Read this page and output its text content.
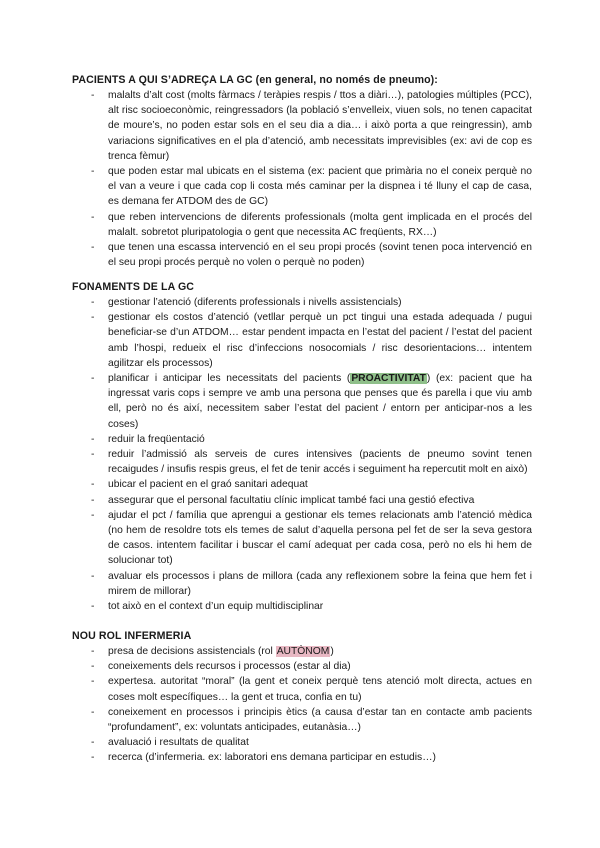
PACIENTS A QUI S’ADREÇA LA GC (en general, no només de pneumo):

- malalts d’alt cost (molts fàrmacs / teràpies respis / ttos a diàri…), patologies múltiples (PCC), alt risc socioeconòmic, reingressadors (la població s’envelleix, viuen sols, no tenen capacitat de moure’s, no poden estar sols en el seu dia a dia… i això porta a que reingressin), amb variacions significatives en el pla d’atenció, amb necessitats imprevisibles (ex: avi de cop es trenca fèmur)
- que poden estar mal ubicats en el sistema (ex: pacient que primària no el coneix perquè no el van a veure i que cada cop li costa més caminar per la dispnea i té lluny el cap de casa, es demana fer ATDOM des de GC)
- que reben intervencions de diferents professionals (molta gent implicada en el procés del malalt. sobretot pluripatologia o gent que necessita AC freqüents, RX…)
- que tenen una escassa intervenció en el seu propi procés (sovint tenen poca intervenció en el seu propi procés perquè no volen o perquè no poden)

FONAMENTS DE LA GC

- gestionar l’atenció (diferents professionals i nivells assistencials)
- gestionar els costos d’atenció (vetllar perquè un pct tingui una estada adequada / pugui beneficiar-se d’un ATDOM… estar pendent impacta en l’estat del pacient / l’estat del pacient amb l’hospi, redueix el risc d’infeccions nosocomials / risc desorientacions… intentem agilitzar els processos)
- planificar i anticipar les necessitats del pacients (PROACTIVITAT) (ex: pacient que ha ingressat varis cops i sempre ve amb una persona que penses que és parella i que viu amb ell, però no és així, necessitem saber l’estat del pacient / entorn per anticipar-nos a les coses)
- reduir la freqüentació
- reduir l’admissió als serveis de cures intensives (pacients de pneumo sovint tenen recaigudes / insufis respis greus, el fet de tenir accés i seguiment ha repercutit molt en això)
- ubicar el pacient en el graó sanitari adequat
- assegurar que el personal facultatiu clínic implicat també faci una gestió efectiva
- ajudar el pct / família que aprengui a gestionar els temes relacionats amb l’atenció mèdica (no hem de resoldre tots els temes de salut d’aquella persona pel fet de ser la seva gestora de casos. intentem facilitar i buscar el camí adequat per cada cosa, però no els hi hem de solucionar tot)
- avaluar els processos i plans de millora (cada any reflexionem sobre la feina que hem fet i mirem de millorar)
- tot això en el context d’un equip multidisciplinar

NOU ROL INFERMERIA

- presa de decisions assistencials (rol AUTÒNOM)
- coneixements dels recursos i processos (estar al dia)
- expertesa. autoritat “moral” (la gent et coneix perquè tens atenció molt directa, actues en coses molt específiques… la gent et truca, confia en tu)
- coneixement en processos i principis ètics (a causa d’estar tan en contacte amb pacients “profundament”, ex: voluntats anticipades, eutanàsia…)
- avaluació i resultats de qualitat
- recerca (d’infermeria. ex: laboratori ens demana participar en estudis…)
